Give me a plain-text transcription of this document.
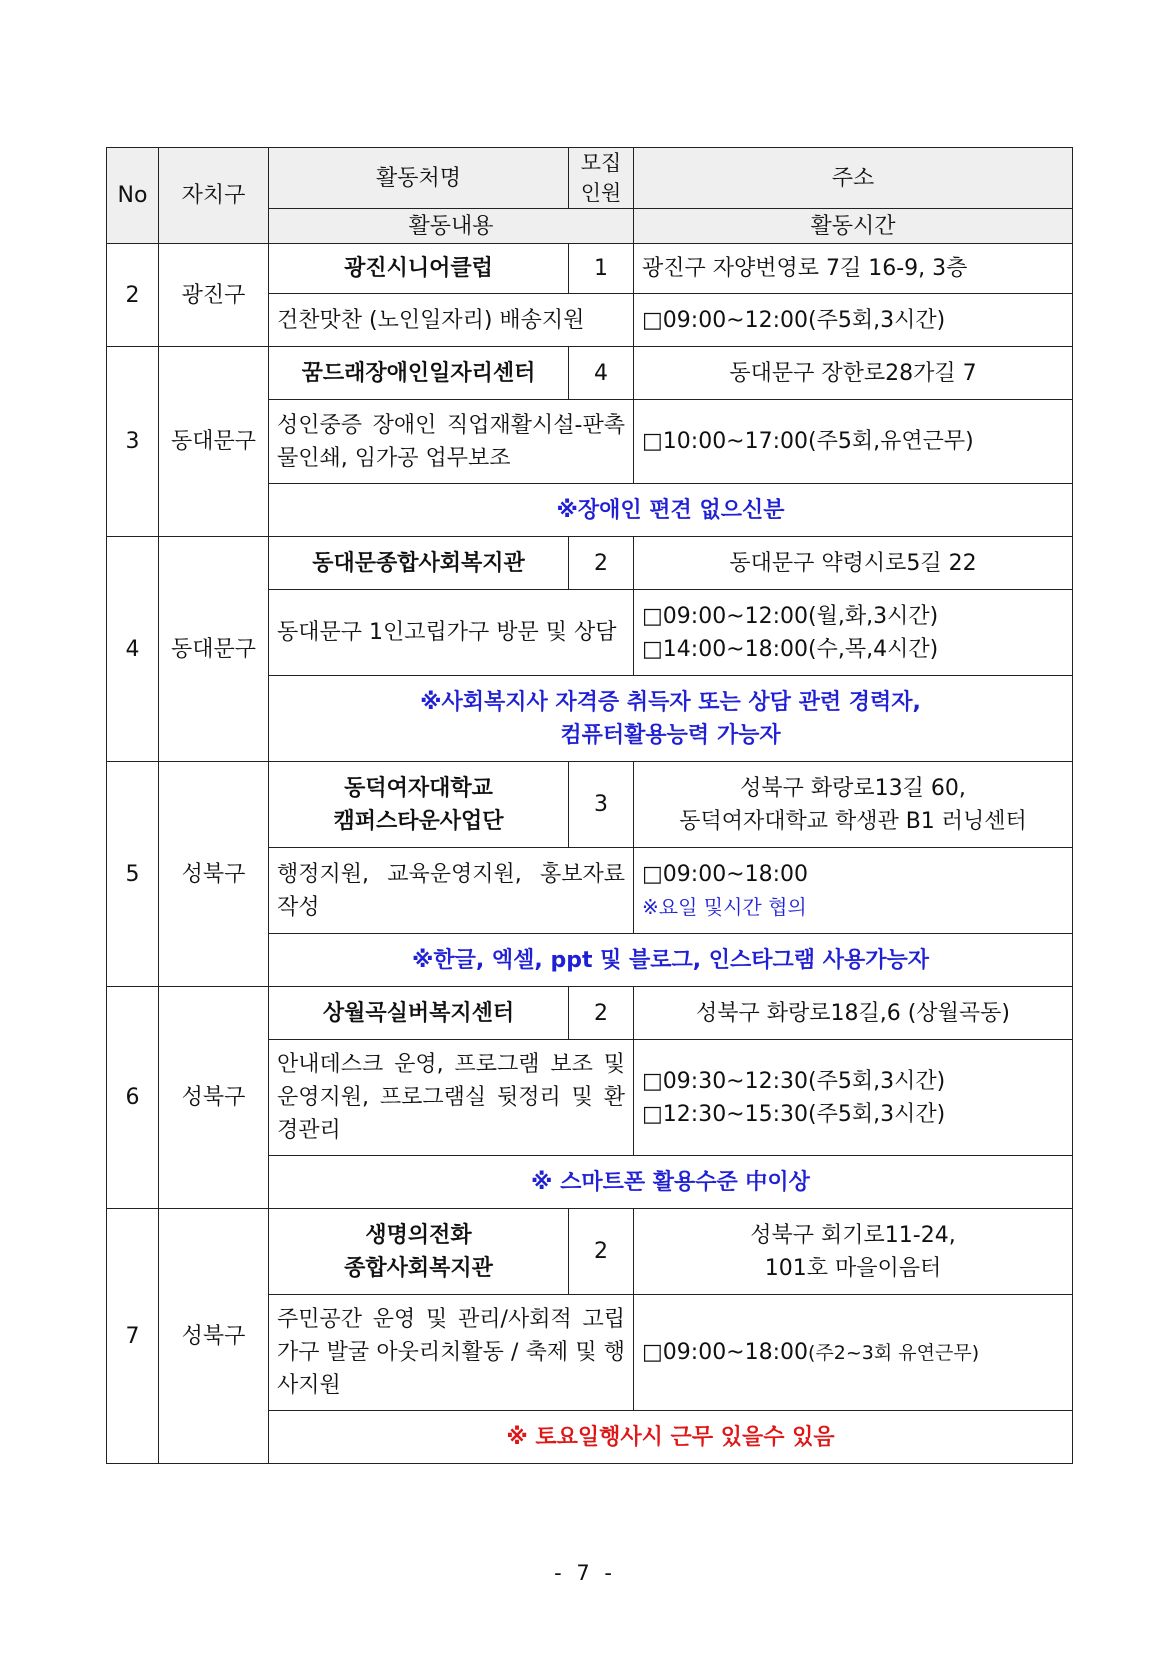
No	자치구	활동처명	모집
인원	주소
		활동내용		활동시간
2	광진구	광진시니어클럽	1	광진구 자양번영로 7길 16-9, 3층
		건찬맛찬 (노인일자리) 배송지원		□09:00~12:00(주5회,3시간)
3	동대문구	꿈드래장애인일자리센터	4	동대문구 장한로28가길 7
		성인중증 장애인 직업재활시설-판촉물인쇄, 임가공 업무보조		□10:00~17:00(주5회,유연근무)
		※장애인 편견 없으신분		
4	동대문구	동대문종합사회복지관	2	동대문구 약령시로5길 22
		동대문구 1인고립가구 방문 및 상담		□09:00~12:00(월,화,3시간)
□14:00~18:00(수,목,4시간)

		※사회복지사 자격증 취득자 또는 상담 관련 경력자,
컴퓨터활용능력 가능자		

5	성북구	동덕여자대학교
캠퍼스타운사업단	3	성북구 화랑로13길 60,
동덕여자대학교 학생관 B1 러닝센터

		행정지원, 교육운영지원, 홍보자료 작성		□09:00~18:00
※요일 및시간 협의

		※한글, 엑셀, ppt 및 블로그, 인스타그램 사용가능자		
6	성북구	상월곡실버복지센터	2	성북구 화랑로18길,6 (상월곡동)
		안내데스크 운영, 프로그램 보조 및 운영지원, 프로그램실 뒷정리 및 환경관리		□09:30~12:30(주5회,3시간)
□12:30~15:30(주5회,3시간)

		※ 스마트폰 활용수준 中이상		
7	성북구	생명의전화
종합사회복지관	2	성북구 회기로11-24,
101호 마을이음터

		주민공간 운영 및 관리/사회적 고립가구 발굴 아웃리치활동 / 축제 및 행사지원		□09:00~18:00(주2~3회 유연근무)
		※ 토요일행사시 근무 있을수 있음		
- 7 -
